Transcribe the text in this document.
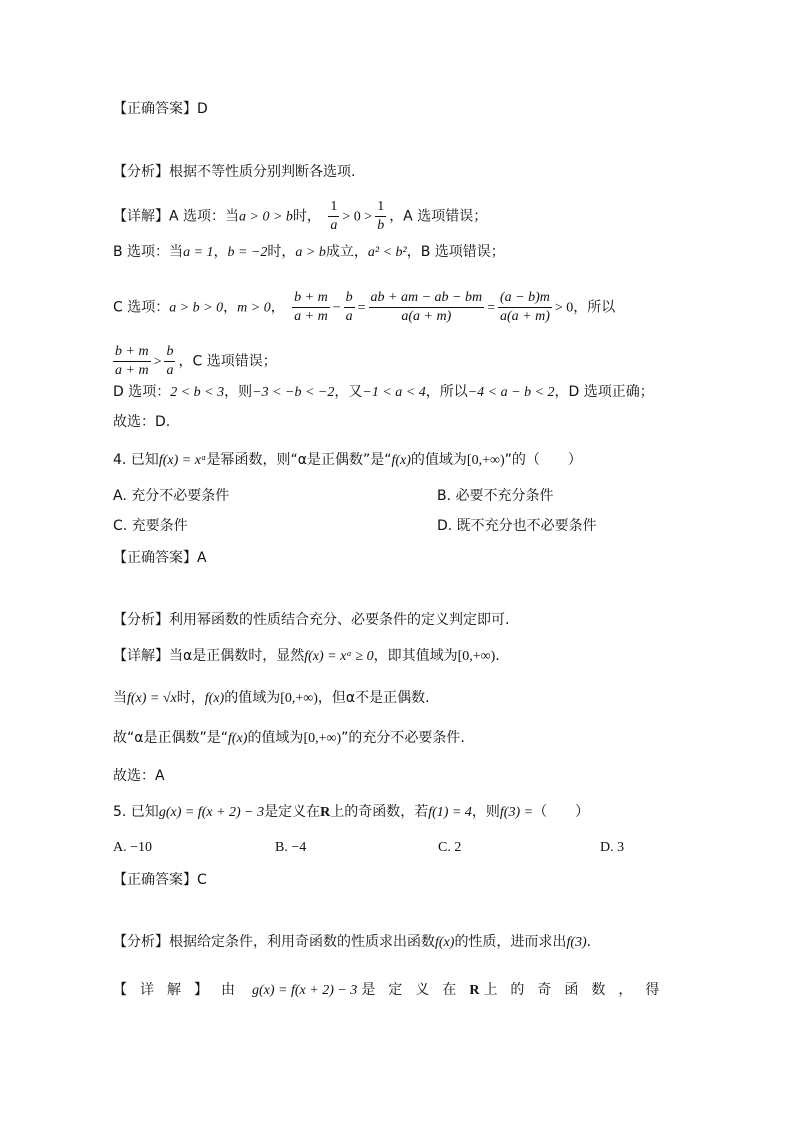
【正确答案】D
【分析】根据不等性质分别判断各选项.
【详解】A 选项：当a > 0 > b时， $\frac{1}{a} > 0 > \frac{1}{b}$ ，A 选项错误；
B 选项：当a = 1，b = −2时，a > b成立，a² < b²，B 选项错误；
C 选项：a > b > 0，m > 0， $\frac{b + m}{a + m} - \frac{b}{a} = \frac{ab + am - ab - bm}{a(a + m)} = \frac{(a - b)m}{a(a + m)} > 0$，所以
$\frac{b + m}{a + m} > \frac{b}{a}$ ，C 选项错误；
D 选项：2 < b < 3，则−3 < −b < −2，又−1 < a < 4，所以−4 < a − b < 2，D 选项正确；
故选：D.
4. 已知f(x) = xᵅ是幂函数，则“α是正偶数”是“f(x)的值域为[0,+∞)”的（　　）
A. 充分不必要条件	B. 必要不充分条件
C. 充要条件	D. 既不充分也不必要条件
【正确答案】A
【分析】利用幂函数的性质结合充分、必要条件的定义判定即可.
【详解】当α是正偶数时，显然f(x) = xᵅ ≥ 0，即其值域为[0,+∞).
当f(x) = √x时，f(x)的值域为[0,+∞)，但α不是正偶数.
故“α是正偶数”是“f(x)的值域为[0,+∞)”的充分不必要条件.
故选：A
5. 已知g(x) = f(x + 2) − 3是定义在R上的奇函数，若f(1) = 4，则f(3) =（　　）
A. −10	B. −4	C. 2	D. 3
【正确答案】C
【分析】根据给定条件，利用奇函数的性质求出函数f(x)的性质，进而求出f(3).
【详解】由 g(x) = f(x + 2) − 3 是定义在R 上的奇函数，得
